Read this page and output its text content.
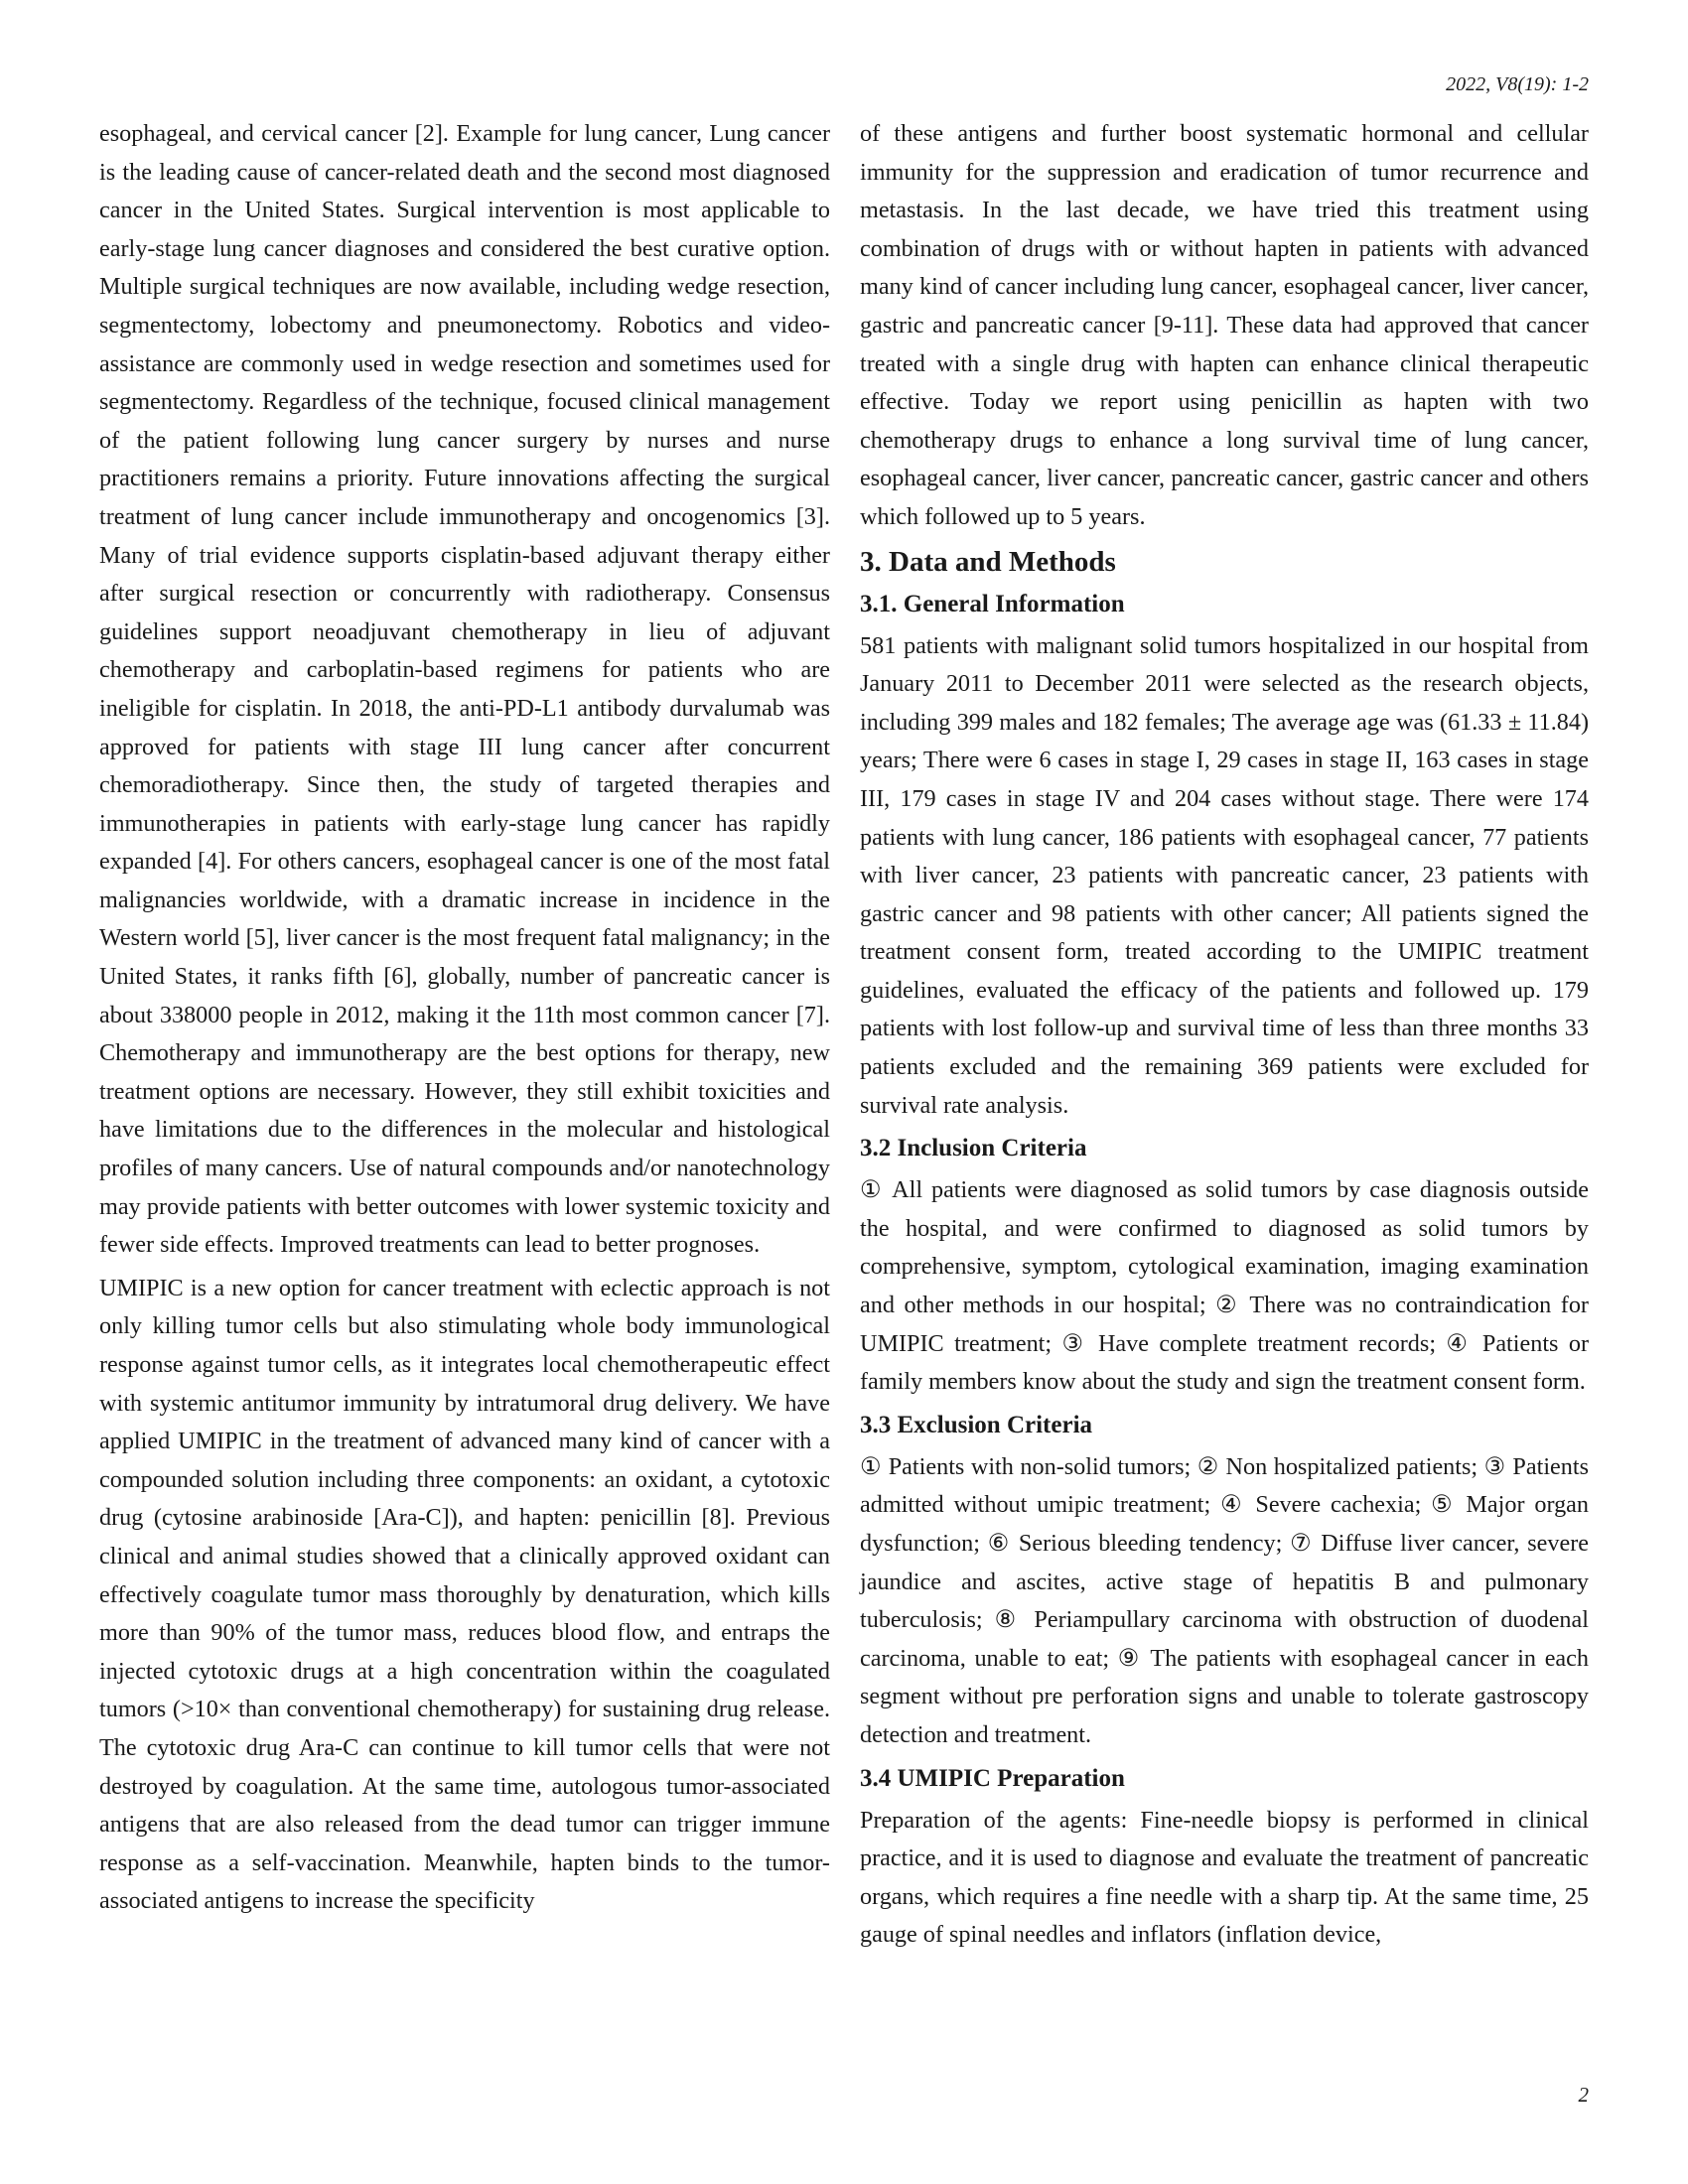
2022, V8(19): 1-2

esophageal, and cervical cancer [2]. Example for lung cancer, Lung cancer is the leading cause of cancer-related death and the second most diagnosed cancer in the United States. Surgical intervention is most applicable to early-stage lung cancer diagnoses and considered the best curative option. Multiple surgical techniques are now available, including wedge resection, segmentectomy, lobectomy and pneumonectomy. Robotics and video-assistance are commonly used in wedge resection and sometimes used for segmentectomy. Regardless of the technique, focused clinical management of the patient following lung cancer surgery by nurses and nurse practitioners remains a priority. Future innovations affecting the surgical treatment of lung cancer include immunotherapy and oncogenomics [3]. Many of trial evidence supports cisplatin-based adjuvant therapy either after surgical resection or concurrently with radiotherapy. Consensus guidelines support neoadjuvant chemotherapy in lieu of adjuvant chemotherapy and carboplatin-based regimens for patients who are ineligible for cisplatin. In 2018, the anti-PD-L1 antibody durvalumab was approved for patients with stage III lung cancer after concurrent chemoradiotherapy. Since then, the study of targeted therapies and immunotherapies in patients with early-stage lung cancer has rapidly expanded [4]. For others cancers, esophageal cancer is one of the most fatal malignancies worldwide, with a dramatic increase in incidence in the Western world [5], liver cancer is the most frequent fatal malignancy; in the United States, it ranks fifth [6], globally, number of pancreatic cancer is about 338000 people in 2012, making it the 11th most common cancer [7]. Chemotherapy and immunotherapy are the best options for therapy, new treatment options are necessary. However, they still exhibit toxicities and have limitations due to the differences in the molecular and histological profiles of many cancers. Use of natural compounds and/or nanotechnology may provide patients with better outcomes with lower systemic toxicity and fewer side effects. Improved treatments can lead to better prognoses.

UMIPIC is a new option for cancer treatment with eclectic approach is not only killing tumor cells but also stimulating whole body immunological response against tumor cells, as it integrates local chemotherapeutic effect with systemic antitumor immunity by intratumoral drug delivery. We have applied UMIPIC in the treatment of advanced many kind of cancer with a compounded solution including three components: an oxidant, a cytotoxic drug (cytosine arabinoside [Ara-C]), and hapten: penicillin [8]. Previous clinical and animal studies showed that a clinically approved oxidant can effectively coagulate tumor mass thoroughly by denaturation, which kills more than 90% of the tumor mass, reduces blood flow, and entraps the injected cytotoxic drugs at a high concentration within the coagulated tumors (>10× than conventional chemotherapy) for sustaining drug release. The cytotoxic drug Ara-C can continue to kill tumor cells that were not destroyed by coagulation. At the same time, autologous tumor-associated antigens that are also released from the dead tumor can trigger immune response as a self-vaccination. Meanwhile, hapten binds to the tumor-associated antigens to increase the specificity

of these antigens and further boost systematic hormonal and cellular immunity for the suppression and eradication of tumor recurrence and metastasis. In the last decade, we have tried this treatment using combination of drugs with or without hapten in patients with advanced many kind of cancer including lung cancer, esophageal cancer, liver cancer, gastric and pancreatic cancer [9-11]. These data had approved that cancer treated with a single drug with hapten can enhance clinical therapeutic effective. Today we report using penicillin as hapten with two chemotherapy drugs to enhance a long survival time of lung cancer, esophageal cancer, liver cancer, pancreatic cancer, gastric cancer and others which followed up to 5 years.

3. Data and Methods
3.1. General Information

581 patients with malignant solid tumors hospitalized in our hospital from January 2011 to December 2011 were selected as the research objects, including 399 males and 182 females; The average age was (61.33 ± 11.84) years; There were 6 cases in stage I, 29 cases in stage II, 163 cases in stage III, 179 cases in stage IV and 204 cases without stage. There were 174 patients with lung cancer, 186 patients with esophageal cancer, 77 patients with liver cancer, 23 patients with pancreatic cancer, 23 patients with gastric cancer and 98 patients with other cancer; All patients signed the treatment consent form, treated according to the UMIPIC treatment guidelines, evaluated the efficacy of the patients and followed up. 179 patients with lost follow-up and survival time of less than three months 33 patients excluded and the remaining 369 patients were excluded for survival rate analysis.

3.2 Inclusion Criteria

① All patients were diagnosed as solid tumors by case diagnosis outside the hospital, and were confirmed to diagnosed as solid tumors by comprehensive, symptom, cytological examination, imaging examination and other methods in our hospital; ② There was no contraindication for UMIPIC treatment; ③ Have complete treatment records; ④ Patients or family members know about the study and sign the treatment consent form.

3.3 Exclusion Criteria

① Patients with non-solid tumors; ② Non hospitalized patients; ③ Patients admitted without umipic treatment; ④ Severe cachexia; ⑤ Major organ dysfunction; ⑥ Serious bleeding tendency; ⑦ Diffuse liver cancer, severe jaundice and ascites, active stage of hepatitis B and pulmonary tuberculosis; ⑧ Periampullary carcinoma with obstruction of duodenal carcinoma, unable to eat; ⑨ The patients with esophageal cancer in each segment without pre perforation signs and unable to tolerate gastroscopy detection and treatment.

3.4 UMIPIC Preparation

Preparation of the agents: Fine-needle biopsy is performed in clinical practice, and it is used to diagnose and evaluate the treatment of pancreatic organs, which requires a fine needle with a sharp tip. At the same time, 25 gauge of spinal needles and inflators (inflation device,

2
